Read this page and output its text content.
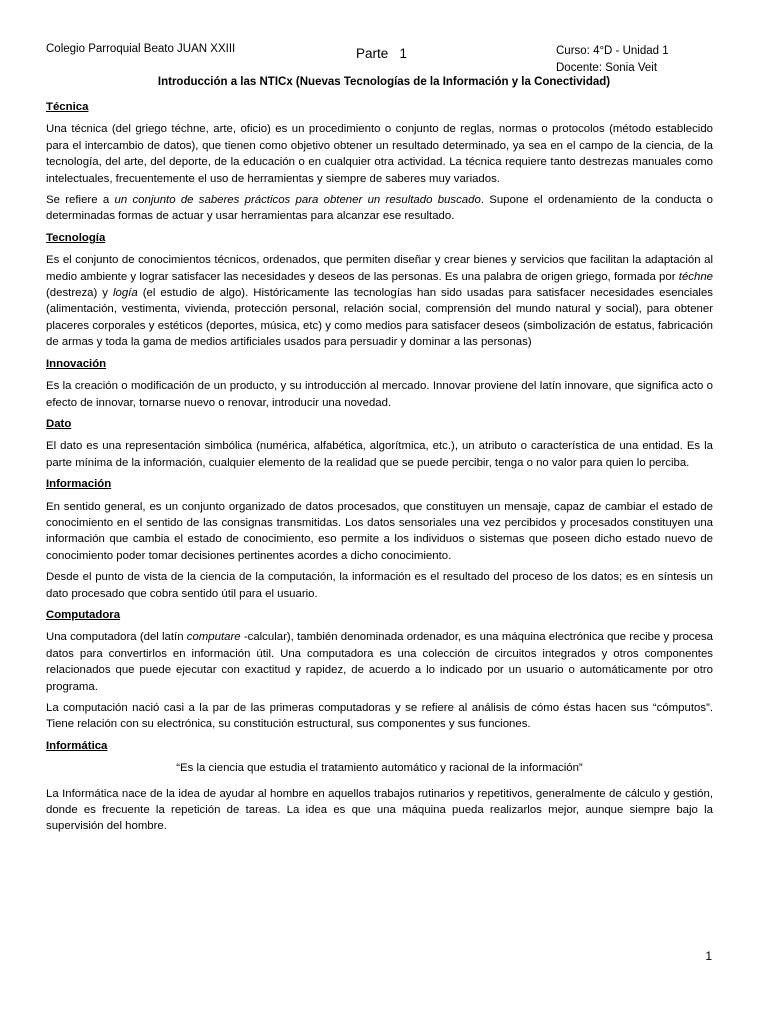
Colegio Parroquial Beato JUAN XXIII	Parte   1	Curso: 4°D - Unidad 1
Docente: Sonia Veit
Introducción a las NTICx (Nuevas Tecnologías de la Información y la Conectividad)
Técnica

Una técnica (del griego téchne, arte, oficio) es un procedimiento o conjunto de reglas, normas o protocolos (método establecido para el intercambio de datos), que tienen como objetivo obtener un resultado determinado, ya sea en el campo de la ciencia, de la tecnología, del arte, del deporte, de la educación o en cualquier otra actividad. La técnica requiere tanto destrezas manuales como intelectuales, frecuentemente el uso de herramientas y siempre de saberes muy variados.

Se refiere a un conjunto de saberes prácticos para obtener un resultado buscado. Supone el ordenamiento de la conducta o determinadas formas de actuar y usar herramientas para alcanzar ese resultado.

Tecnología

Es el conjunto de conocimientos técnicos, ordenados, que permiten diseñar y crear bienes y servicios que facilitan la adaptación al medio ambiente y lograr satisfacer las necesidades y deseos de las personas. Es una palabra de origen griego, formada por téchne (destreza) y logía (el estudio de algo). Históricamente las tecnologías han sido usadas para satisfacer necesidades esenciales (alimentación, vestimenta, vivienda, protección personal, relación social, comprensión del mundo natural y social), para obtener placeres corporales y estéticos (deportes, música, etc) y como medios para satisfacer deseos (simbolización de estatus, fabricación de armas y toda la gama de medios artificiales usados para persuadir y dominar a las personas)

Innovación

Es la creación o modificación de un producto, y su introducción al mercado. Innovar proviene del latín innovare, que significa acto o efecto de innovar, tornarse nuevo o renovar, introducir una novedad.

Dato

El dato es una representación simbólica (numérica, alfabética, algorítmica, etc.), un atributo o característica de una entidad. Es la parte mínima de la información, cualquier elemento de la realidad que se puede percibir, tenga o no valor para quien lo perciba.

Información

En sentido general, es un conjunto organizado de datos procesados, que constituyen un mensaje, capaz de cambiar el estado de conocimiento en el sentido de las consignas transmitidas. Los datos sensoriales una vez percibidos y procesados constituyen una información que cambia el estado de conocimiento, eso permite a los individuos o sistemas que poseen dicho estado nuevo de conocimiento poder tomar decisiones pertinentes acordes a dicho conocimiento.

Desde el punto de vista de la ciencia de la computación, la información es el resultado del proceso de los datos; es en síntesis un dato procesado que cobra sentido útil para el usuario.

Computadora

Una computadora (del latín computare -calcular), también denominada ordenador, es una máquina electrónica que recibe y procesa datos para convertirlos en información útil. Una computadora es una colección de circuitos integrados y otros componentes relacionados que puede ejecutar con exactitud y rapidez, de acuerdo a lo indicado por un usuario o automáticamente por otro programa.

La computación nació casi a la par de las primeras computadoras y se refiere al análisis de cómo éstas hacen sus “cómputos”. Tiene relación con su electrónica, su constitución estructural, sus componentes y sus funciones.

Informática

“Es la ciencia que estudia el tratamiento automático y racional de la información”

La Informática nace de la idea de ayudar al hombre en aquellos trabajos rutinarios y repetitivos, generalmente de cálculo y gestión, donde es frecuente la repetición de tareas. La idea es que una máquina pueda realizarlos mejor, aunque siempre bajo la supervisión del hombre.

1
